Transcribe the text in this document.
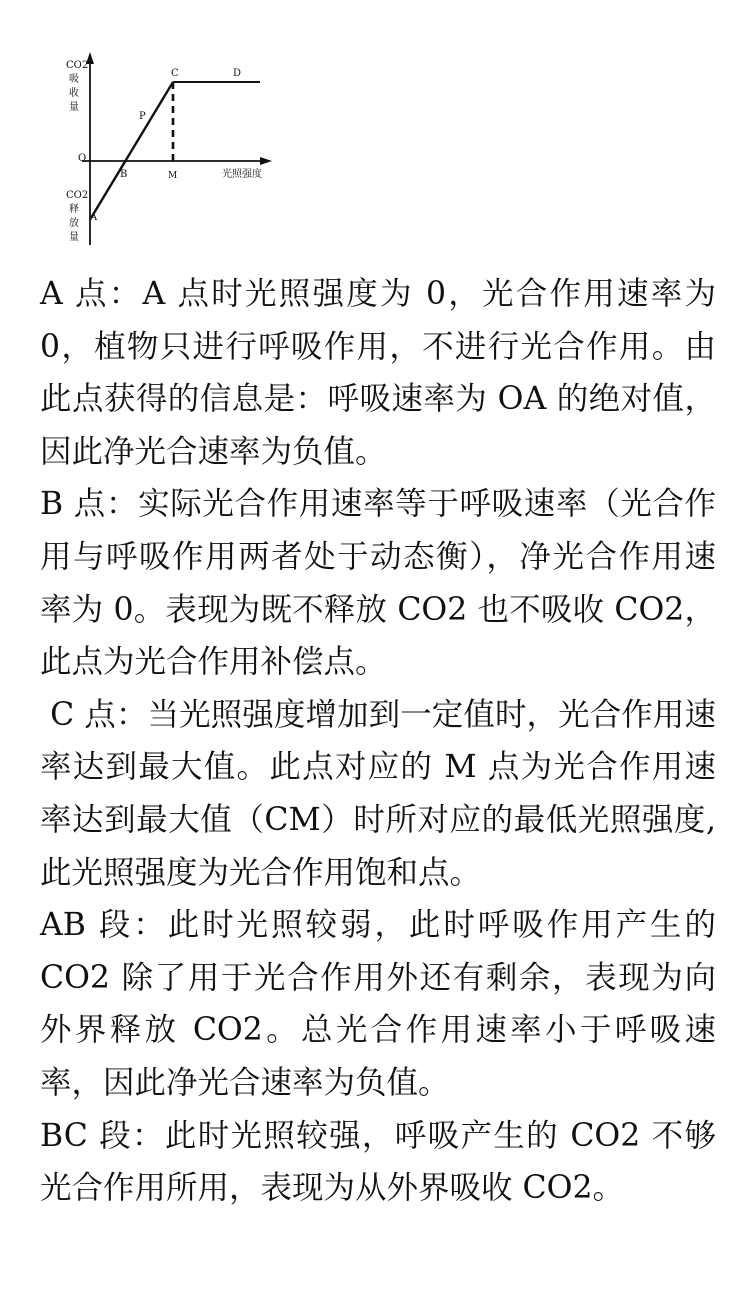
CO2
吸
收
量
CO2
释
放
量
光照强度
O
A
B
P
C	D
M

A 点：A 点时光照强度为 0，光合作用速率为 0，植物只进行呼吸作用，不进行光合作用。由此点获得的信息是：呼吸速率为 OA 的绝对值，因此净光合速率为负值。

B 点：实际光合作用速率等于呼吸速率（光合作用与呼吸作用两者处于动态衡），净光合作用速率为 0。表现为既不释放 CO2 也不吸收 CO2，此点为光合作用补偿点。

C 点：当光照强度增加到一定值时，光合作用速率达到最大值。此点对应的 M 点为光合作用速率达到最大值（CM）时所对应的最低光照强度, 此光照强度为光合作用饱和点。

AB 段：此时光照较弱，此时呼吸作用产生的 CO2 除了用于光合作用外还有剩余，表现为向外界释放 CO2。总光合作用速率小于呼吸速率，因此净光合速率为负值。

BC 段：此时光照较强，呼吸产生的 CO2 不够光合作用所用，表现为从外界吸收 CO2。
